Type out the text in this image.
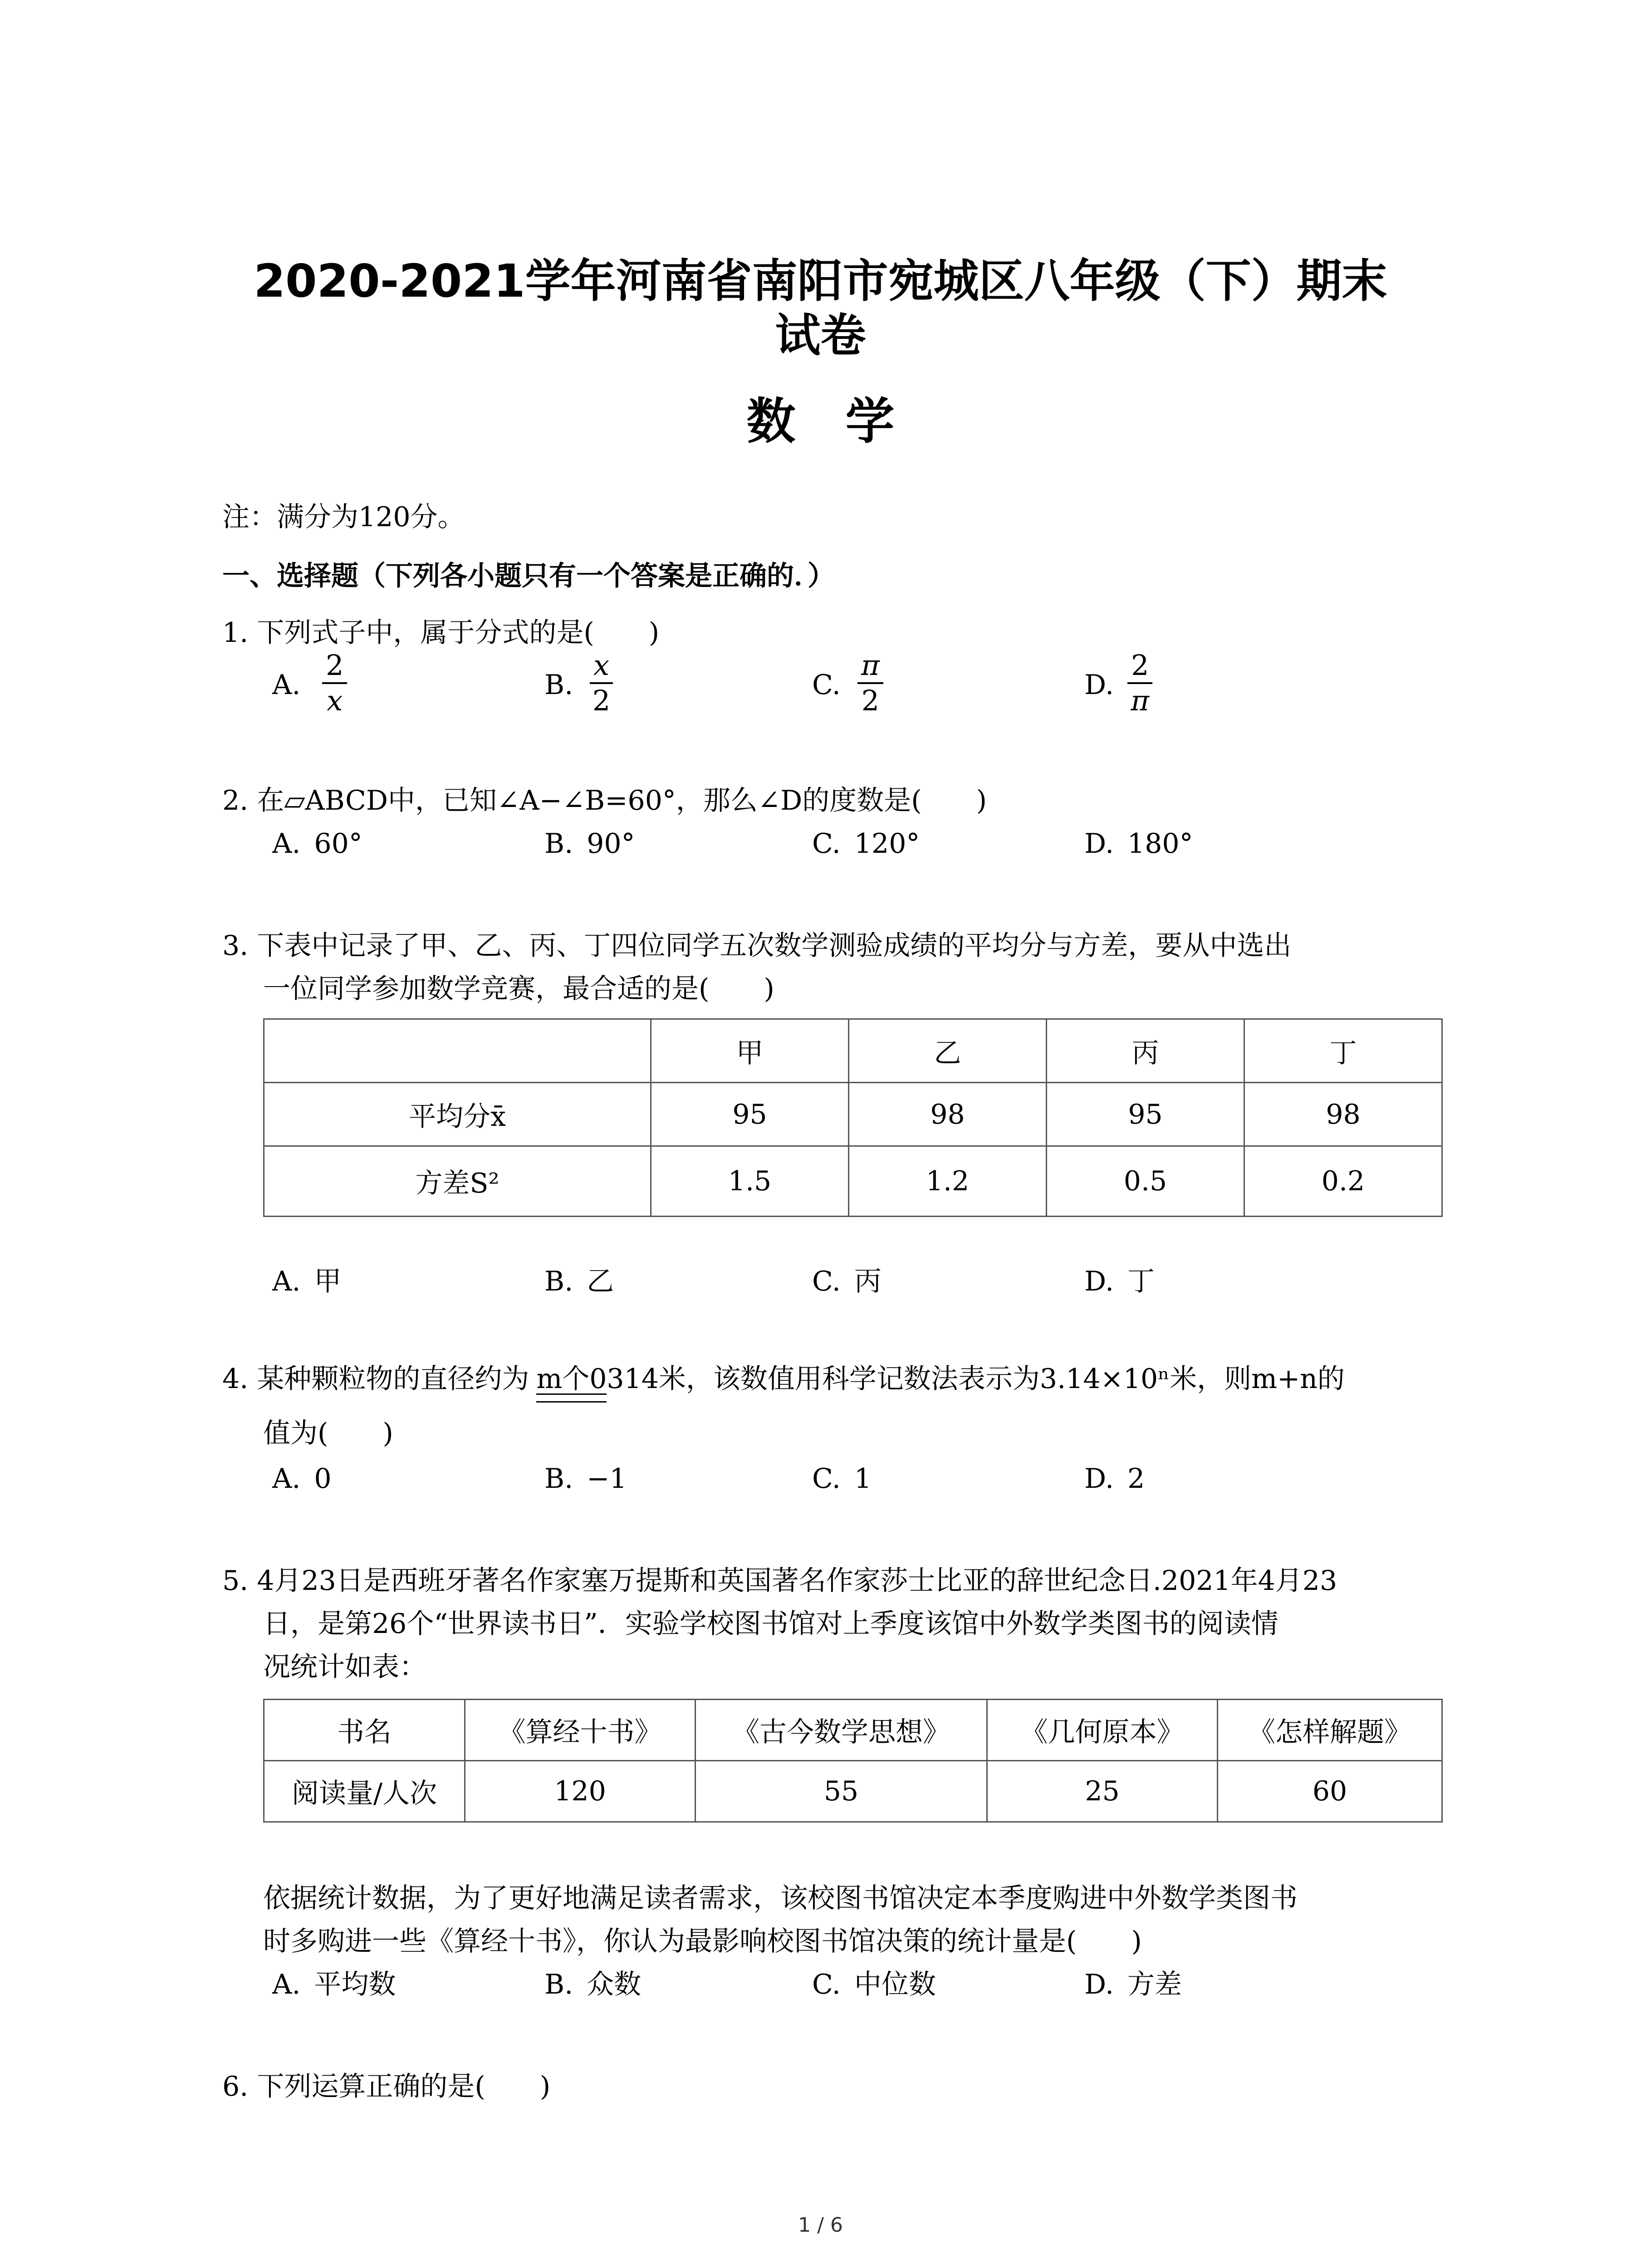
2020-2021学年河南省南阳市宛城区八年级（下）期末
试卷
数学
注：满分为120分。
一、选择题（下列各小题只有一个答案是正确的．）
1. 下列式子中，属于分式的是(　　)
A.	B.	C.	D.
2
x
x
2
π
2
2
π
2. 在▱ABCD中，已知∠A−∠B=60°，那么∠D的度数是(　　)
A. 60°	B. 90°	C. 120°	D. 180°
3. 下表中记录了甲、乙、丙、丁四位同学五次数学测验成绩的平均分与方差，要从中选出
一位同学参加数学竞赛，最合适的是(　　)
	甲	乙	丙	丁
平均分x̄	95	98	95	98
方差S²	1.5	1.2	0.5	0.2
A. 甲	B. 乙	C. 丙	D. 丁
4. 某种颗粒物的直径约为 m个0
314米，该数值用科学记数法表示为3.14×10ⁿ米，则m+n的
值为(　　)
A. 0	B. −1	C. 1	D. 2
5. 4月23日是西班牙著名作家塞万提斯和英国著名作家莎士比亚的辞世纪念日.2021年4月23
日，是第26个“世界读书日”．实验学校图书馆对上季度该馆中外数学类图书的阅读情
况统计如表：
书名	《算经十书》	《古今数学思想》	《几何原本》	《怎样解题》
阅读量/人次	120	55	25	60
依据统计数据，为了更好地满足读者需求，该校图书馆决定本季度购进中外数学类图书
时多购进一些《算经十书》，你认为最影响校图书馆决策的统计量是(　　)
A. 平均数	B. 众数	C. 中位数	D. 方差
6. 下列运算正确的是(　　)
1 / 6
